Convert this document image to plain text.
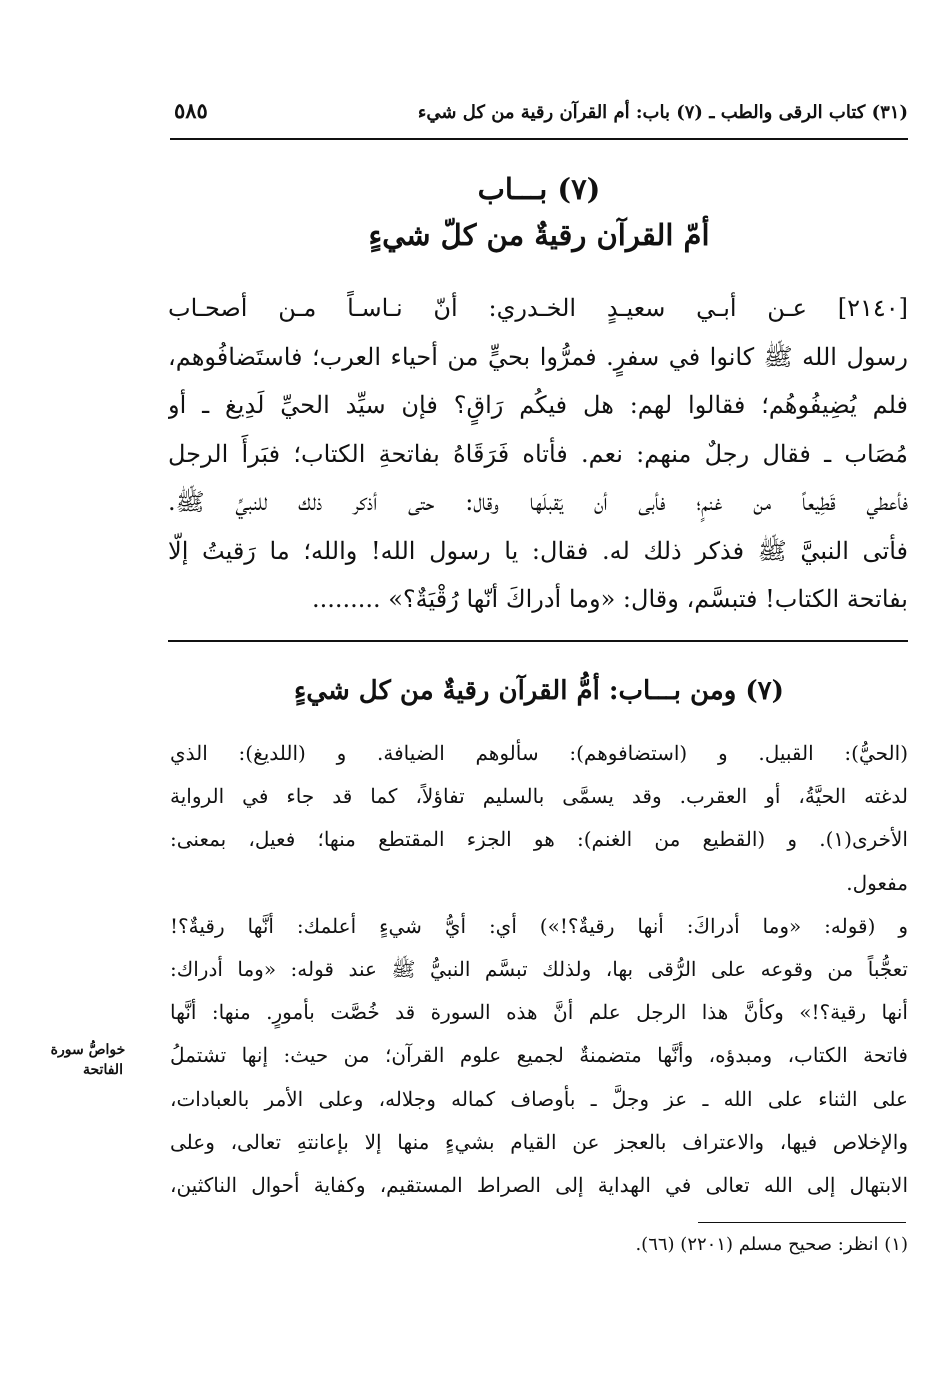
(٣١) كتاب الرقى والطب ـ (٧) باب: أم القرآن رقية من كل شيء
٥٨٥
(٧) بـــاب
أمّ القرآن رقيةٌ من كلّ شيءٍ

[٢١٤٠] عـن أبـي سعيـدٍ الخـدري: أنّ نـاسـاً مـن أصحـاب

رسول الله ﷺ كانوا في سفرٍ. فمرُّوا بحيٍّ من أحياء العرب؛ فاستَضافُوهم،

فلم يُضِيفُوهُم؛ فقالوا لهم: هل فيكُم رَاقٍ؟ فإن سيِّد الحيِّ لَدِيغ ـ أو

مُصَاب ـ فقال رجلٌ منهم: نعم. فأتاه فَرَقَاهُ بفاتحةِ الكتاب؛ فبَرأَ الرجل

فأعطي قَطِيعاً من غنمٍ؛ فأبى أن يَقبلَها وقال: حتى أذكر ذلك للنبيِّ ﷺ.

فأتى النبيَّ ﷺ فذكر ذلك له. فقال: يا رسول الله! والله؛ ما رَقيتُ إلّا

بفاتحة الكتاب! فتبسَّم، وقال: «وما أدراكَ أنّها رُقْيَةٌ؟» .........

(٧) ومن بـــاب: أمُّ القرآن رقيةٌ من كل شيءٍ

(الحيُّ): القبيل. و (استضافوهم): سألوهم الضيافة. و (اللديغ): الذي

لدغته الحيَّةُ، أو العقرب. وقد يسمَّى بالسليم تفاؤلاً، كما قد جاء في الرواية

الأخرى(١). و (القطيع من الغنم): هو الجزء المقتطع منها؛ فعيل، بمعنى:

مفعول.

و (قوله: «وما أدراكَ: أنها رقيةٌ؟!») أي: أيُّ شيءٍ أعلمك: أنَّها رقيةٌ؟!

تعجُّباً من وقوعه على الرُّقى بها، ولذلك تبسَّم النبيُّ ﷺ عند قوله: «وما أدراك:

أنها رقية؟!» وكأنَّ هذا الرجل علم أنَّ هذه السورة قد خُصَّت بأمورٍ. منها: أنَّها

فاتحة الكتاب، ومبدؤه، وأنَّها متضمنةٌ لجميع علوم القرآن؛ من حيث: إنها تشتملُ

على الثناء على الله ـ عز وجلَّ ـ بأوصاف كماله وجلاله، وعلى الأمر بالعبادات،

والإخلاص فيها، والاعتراف بالعجز عن القيام بشيءٍ منها إلا بإعانتهِ تعالى، وعلى

الابتهال إلى الله تعالى في الهداية إلى الصراط المستقيم، وكفاية أحوال الناكثين،

خواصُّ سورة
الفاتحة
(١) انظر: صحيح مسلم (٢٢٠١) (٦٦).
